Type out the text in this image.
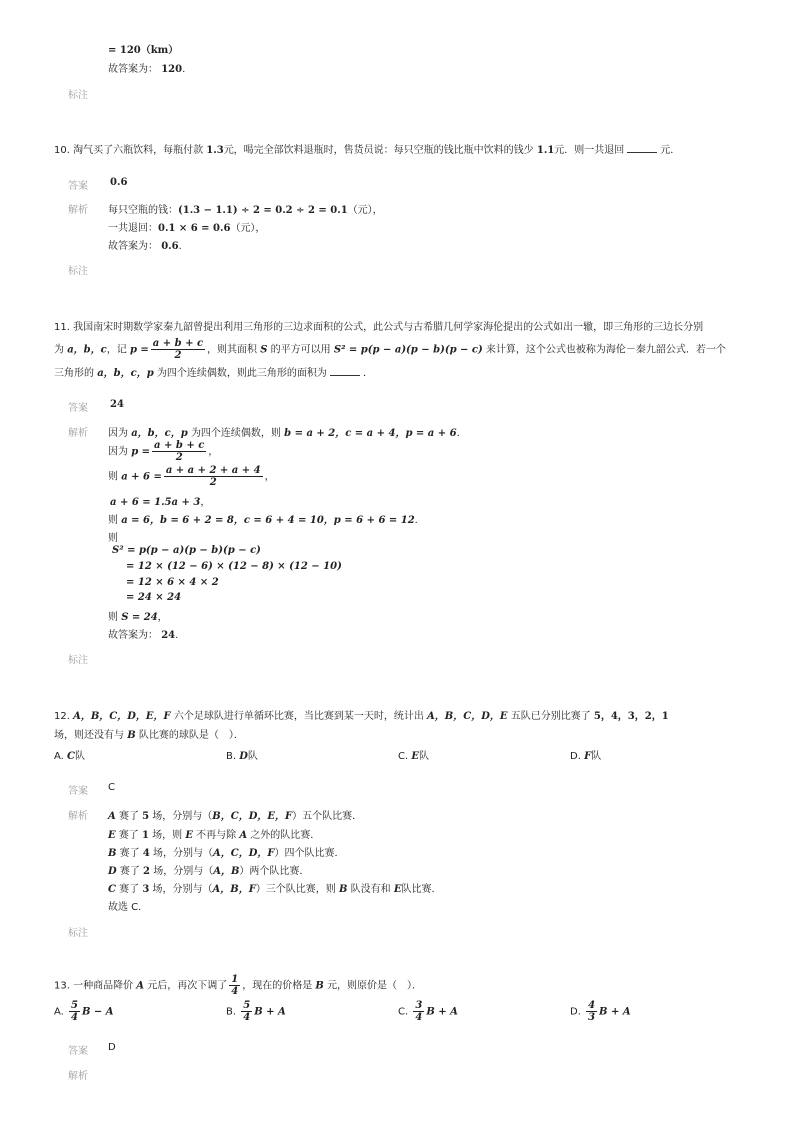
= 120（km）
故答案为： 120.
标注
10. 淘气买了六瓶饮料，每瓶付款 1.3元，喝完全部饮料退瓶时，售货员说：每只空瓶的钱比瓶中饮料的钱少 1.1元．则一共退回	元．
答案 0.6
解析 每只空瓶的钱：(1.3 − 1.1) ÷ 2 = 0.2 ÷ 2 = 0.1（元），
一共退回：0.1 × 6 = 0.6（元），
故答案为： 0.6.
标注
11. 我国南宋时期数学家秦九韶曾提出利用三角形的三边求面积的公式，此公式与古希腊几何学家海伦提出的公式如出一辙，即三角形的三边长分别
为 a，b，c，记 $p = \frac{a + b + c}{2}$ ，则其面积 S 的平方可以用 S² = p(p − a)(p − b)(p − c) 来计算，这个公式也被称为海伦－秦九韶公式．若一个
三角形的 a，b，c，p 为四个连续偶数，则此三角形的面积为	．
答案 24
解析 因为 a，b，c，p 为四个连续偶数，则 b = a + 2，c = a + 4，p = a + 6.
因为 $p = \frac{a + b + c}{2}$ ，
则 $a + 6 = \frac{a + a + 2 + a + 4}{2}$ ，
a + 6 = 1.5a + 3，
则 a = 6，b = 6 + 2 = 8，c = 6 + 4 = 10，p = 6 + 6 = 12.
则
S² = p(p − a)(p − b)(p − c)
= 12 × (12 − 6) × (12 − 8) × (12 − 10)
= 12 × 6 × 4 × 2
= 24 × 24
则 S = 24，
故答案为： 24.
标注
12. A，B，C，D，E，F 六个足球队进行单循环比赛，当比赛到某一天时，统计出 A，B，C，D，E 五队已分别比赛了 5，4，3，2，1
场，则还没有与 B 队比赛的球队是（　）．
A. C队	B. D队	C. E队	D. F队
答案 C
解析 A 赛了 5 场，分别与（B，C，D，E，F）五个队比赛．
E 赛了 1 场，则 E 不再与除 A 之外的队比赛．
B 赛了 4 场，分别与（A，C，D，F）四个队比赛．
D 赛了 2 场，分别与（A，B）两个队比赛．
C 赛了 3 场，分别与（A，B，F）三个队比赛，则 B 队没有和 E队比赛．
故选 C．
标注
13. 一种商品降价 A 元后，再次下调了 $\frac{1}{4}$ ，现在的价格是 B 元，则原价是（　）．
A. $\frac{5}{4}$ B − A	B. $\frac{5}{4}$ B + A	C. $\frac{3}{4}$ B + A	D. $\frac{4}{3}$ B + A
答案 D
解析
